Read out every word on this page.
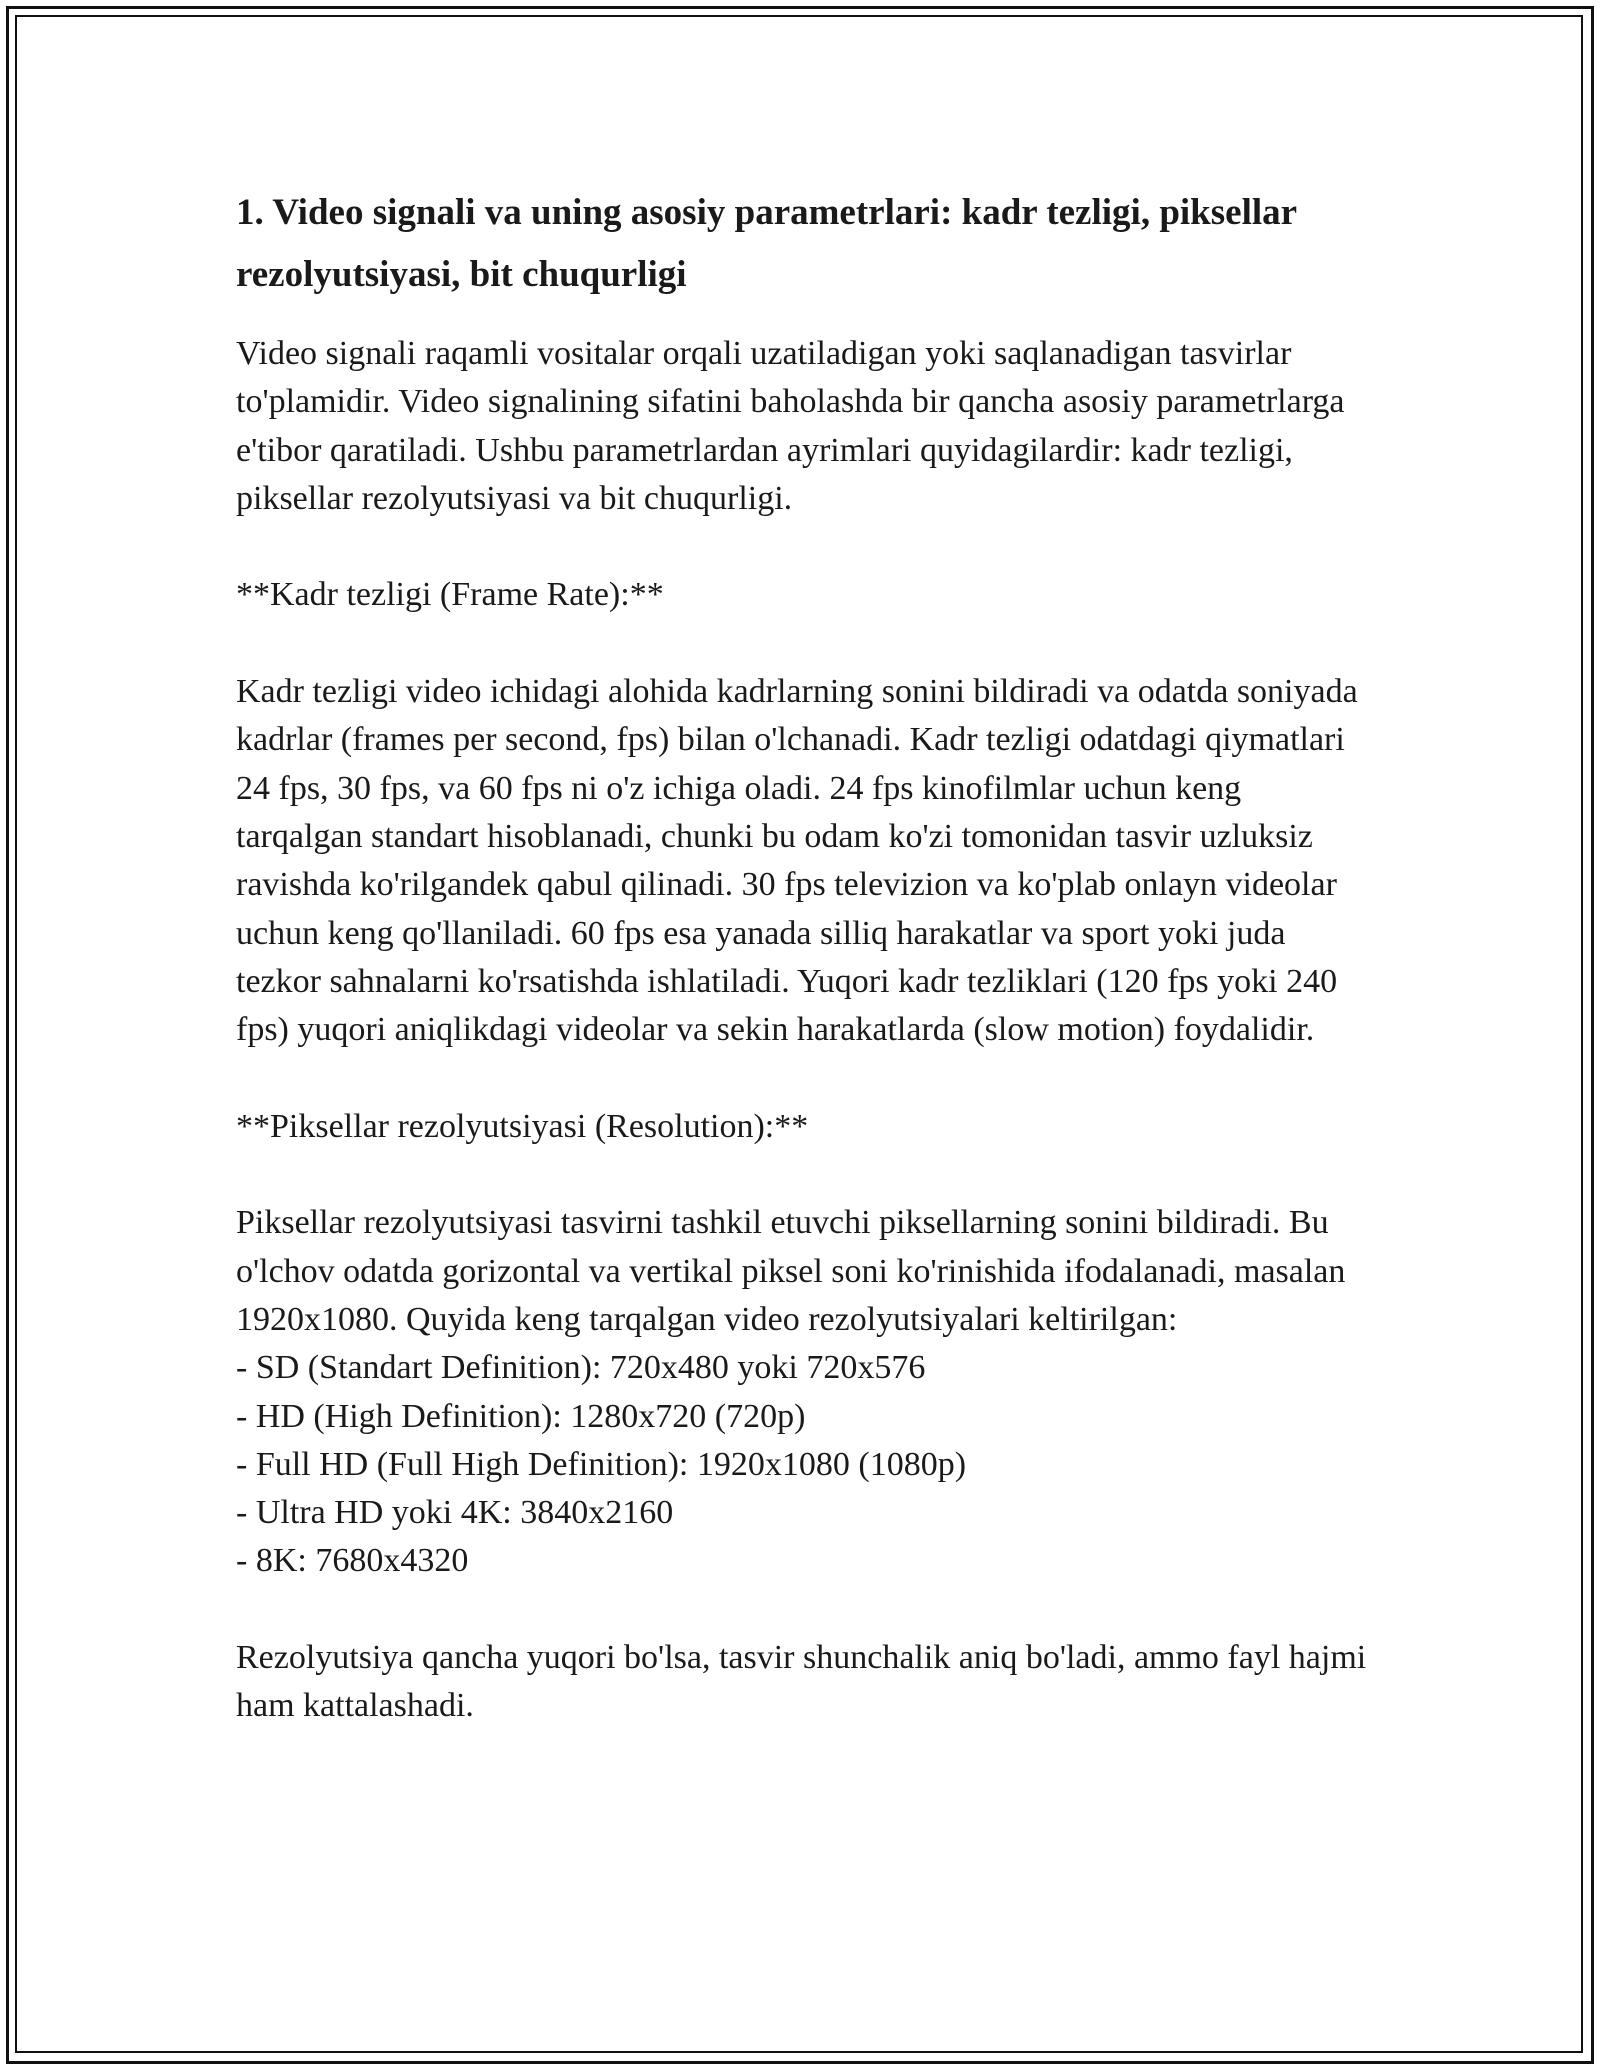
1. Video signali va uning asosiy parametrlari: kadr tezligi, piksellar rezolyutsiyasi, bit chuqurligi

Video signali raqamli vositalar orqali uzatiladigan yoki saqlanadigan tasvirlar to'plamidir. Video signalining sifatini baholashda bir qancha asosiy parametrlarga e'tibor qaratiladi. Ushbu parametrlardan ayrimlari quyidagilardir: kadr tezligi, piksellar rezolyutsiyasi va bit chuqurligi.

**Kadr tezligi (Frame Rate):**

Kadr tezligi video ichidagi alohida kadrlarning sonini bildiradi va odatda soniyada kadrlar (frames per second, fps) bilan o'lchanadi. Kadr tezligi odatdagi qiymatlari 24 fps, 30 fps, va 60 fps ni o'z ichiga oladi. 24 fps kinofilmlar uchun keng tarqalgan standart hisoblanadi, chunki bu odam ko'zi tomonidan tasvir uzluksiz ravishda ko'rilgandek qabul qilinadi. 30 fps televizion va ko'plab onlayn videolar uchun keng qo'llaniladi. 60 fps esa yanada silliq harakatlar va sport yoki juda tezkor sahnalarni ko'rsatishda ishlatiladi. Yuqori kadr tezliklari (120 fps yoki 240 fps) yuqori aniqlikdagi videolar va sekin harakatlarda (slow motion) foydalidir.

**Piksellar rezolyutsiyasi (Resolution):**

Piksellar rezolyutsiyasi tasvirni tashkil etuvchi piksellarning sonini bildiradi. Bu o'lchov odatda gorizontal va vertikal piksel soni ko'rinishida ifodalanadi, masalan 1920x1080. Quyida keng tarqalgan video rezolyutsiyalari keltirilgan:

- SD (Standart Definition): 720x480 yoki 720x576
- HD (High Definition): 1280x720 (720p)
- Full HD (Full High Definition): 1920x1080 (1080p)
- Ultra HD yoki 4K: 3840x2160
- 8K: 7680x4320

Rezolyutsiya qancha yuqori bo'lsa, tasvir shunchalik aniq bo'ladi, ammo fayl hajmi ham kattalashadi.
